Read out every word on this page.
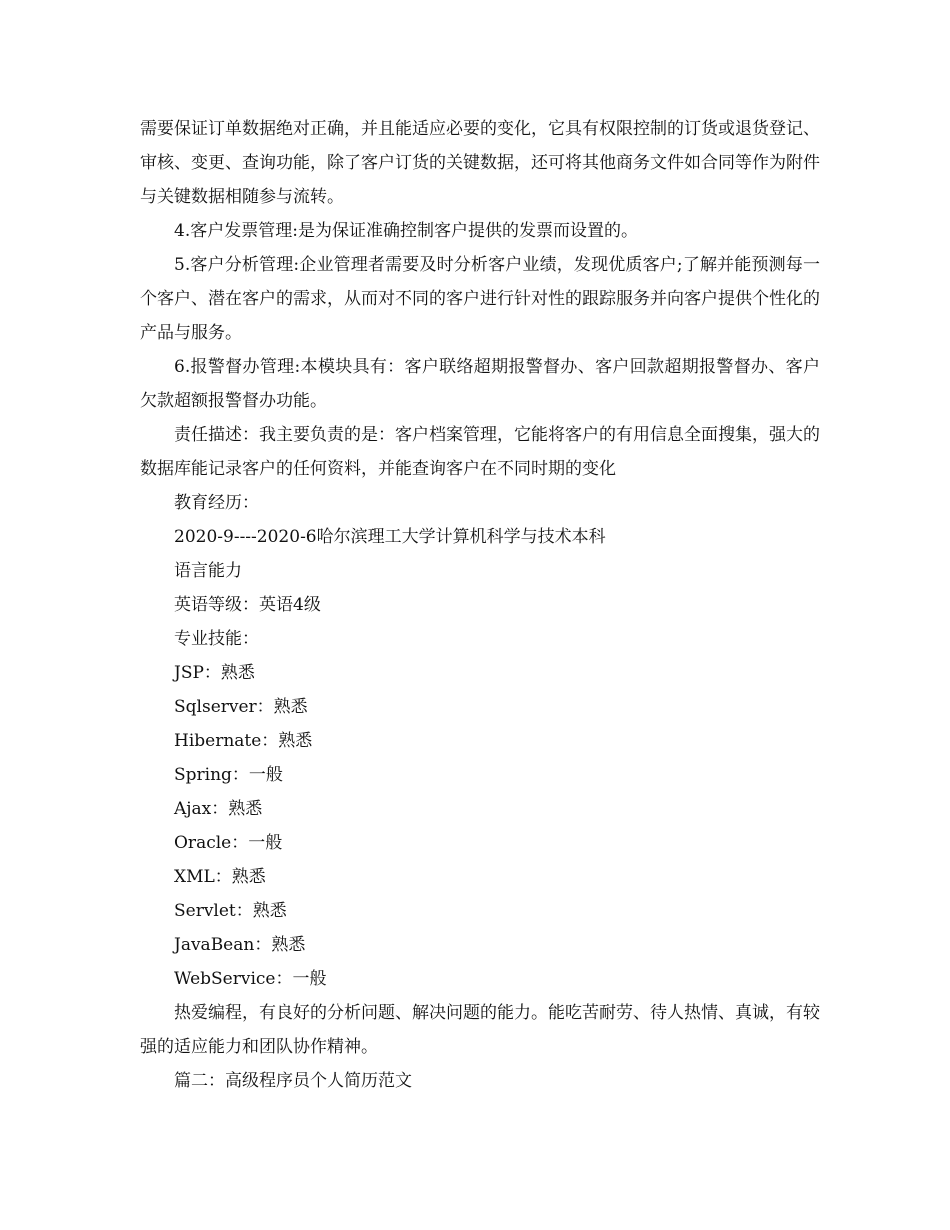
需要保证订单数据绝对正确，并且能适应必要的变化，它具有权限控制的订货或退货登记、审核、变更、查询功能，除了客户订货的关键数据，还可将其他商务文件如合同等作为附件与关键数据相随参与流转。

4.客户发票管理:是为保证准确控制客户提供的发票而设置的。

5.客户分析管理:企业管理者需要及时分析客户业绩，发现优质客户;了解并能预测每一个客户、潜在客户的需求，从而对不同的客户进行针对性的跟踪服务并向客户提供个性化的产品与服务。

6.报警督办管理:本模块具有：客户联络超期报警督办、客户回款超期报警督办、客户欠款超额报警督办功能。

责任描述：我主要负责的是：客户档案管理，它能将客户的有用信息全面搜集，强大的数据库能记录客户的任何资料，并能查询客户在不同时期的变化

教育经历：

2020-9----2020-6哈尔滨理工大学计算机科学与技术本科

语言能力

英语等级：英语4级

专业技能：

JSP：熟悉

Sqlserver：熟悉

Hibernate：熟悉

Spring：一般

Ajax：熟悉

Oracle：一般

XML：熟悉

Servlet：熟悉

JavaBean：熟悉

WebService：一般

热爱编程，有良好的分析问题、解决问题的能力。能吃苦耐劳、待人热情、真诚，有较强的适应能力和团队协作精神。

篇二：高级程序员个人简历范文
